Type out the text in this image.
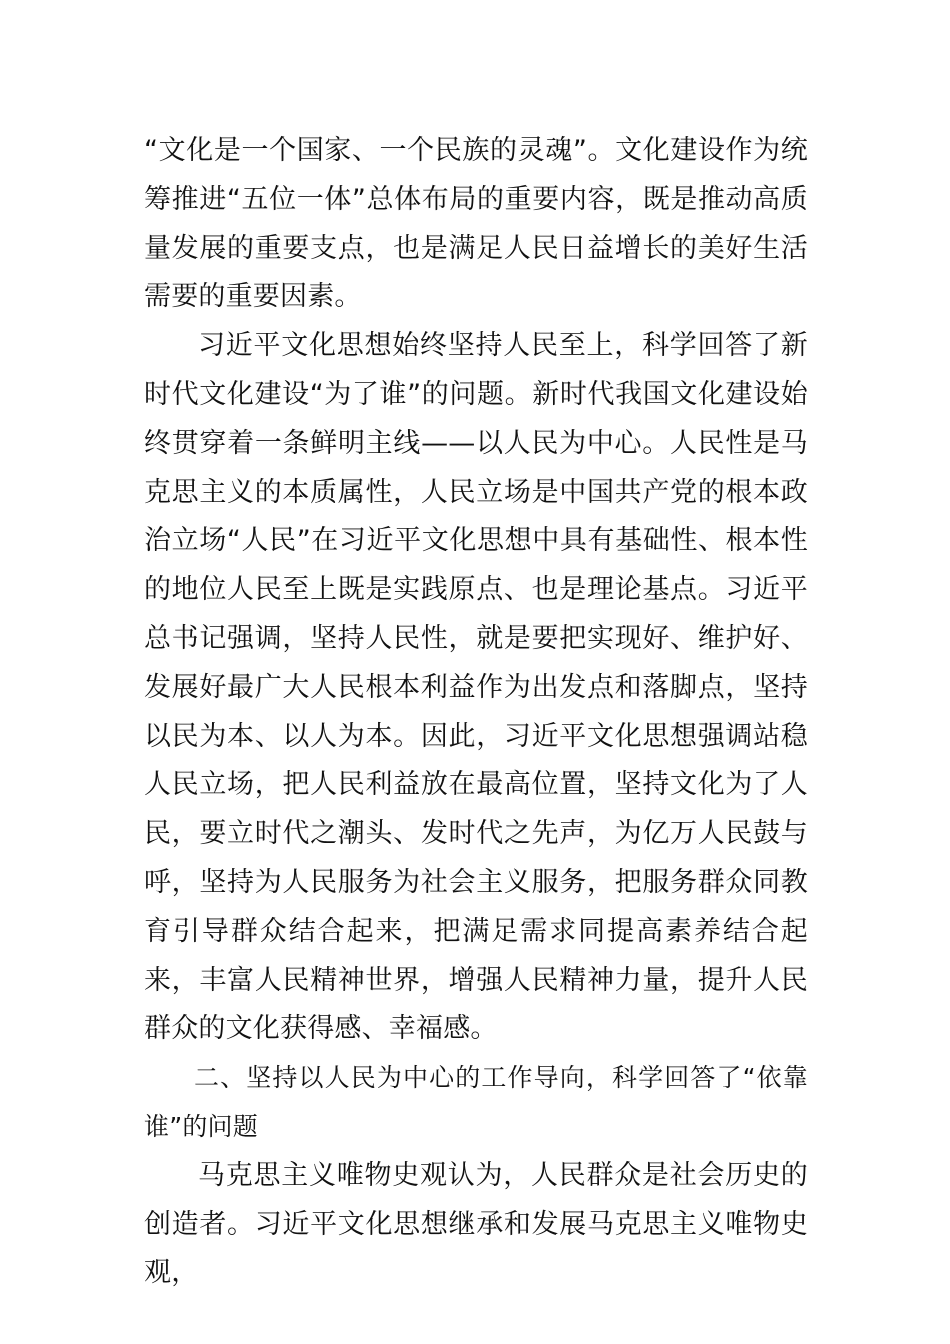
“文化是一个国家、一个民族的灵魂”。文化建设作为统筹推进“五位一体”总体布局的重要内容，既是推动高质量发展的重要支点，也是满足人民日益增长的美好生活需要的重要因素。

习近平文化思想始终坚持人民至上，科学回答了新时代文化建设“为了谁”的问题。新时代我国文化建设始终贯穿着一条鲜明主线——以人民为中心。人民性是马克思主义的本质属性，人民立场是中国共产党的根本政治立场“人民”在习近平文化思想中具有基础性、根本性的地位人民至上既是实践原点、也是理论基点。习近平总书记强调，坚持人民性，就是要把实现好、维护好、发展好最广大人民根本利益作为出发点和落脚点，坚持以民为本、以人为本。因此，习近平文化思想强调站稳人民立场，把人民利益放在最高位置，坚持文化为了人民，要立时代之潮头、发时代之先声，为亿万人民鼓与呼，坚持为人民服务为社会主义服务，把服务群众同教育引导群众结合起来，把满足需求同提高素养结合起来，丰富人民精神世界，增强人民精神力量，提升人民群众的文化获得感、幸福感。

二、坚持以人民为中心的工作导向，科学回答了“依靠谁”的问题

马克思主义唯物史观认为，人民群众是社会历史的创造者。习近平文化思想继承和发展马克思主义唯物史观，
